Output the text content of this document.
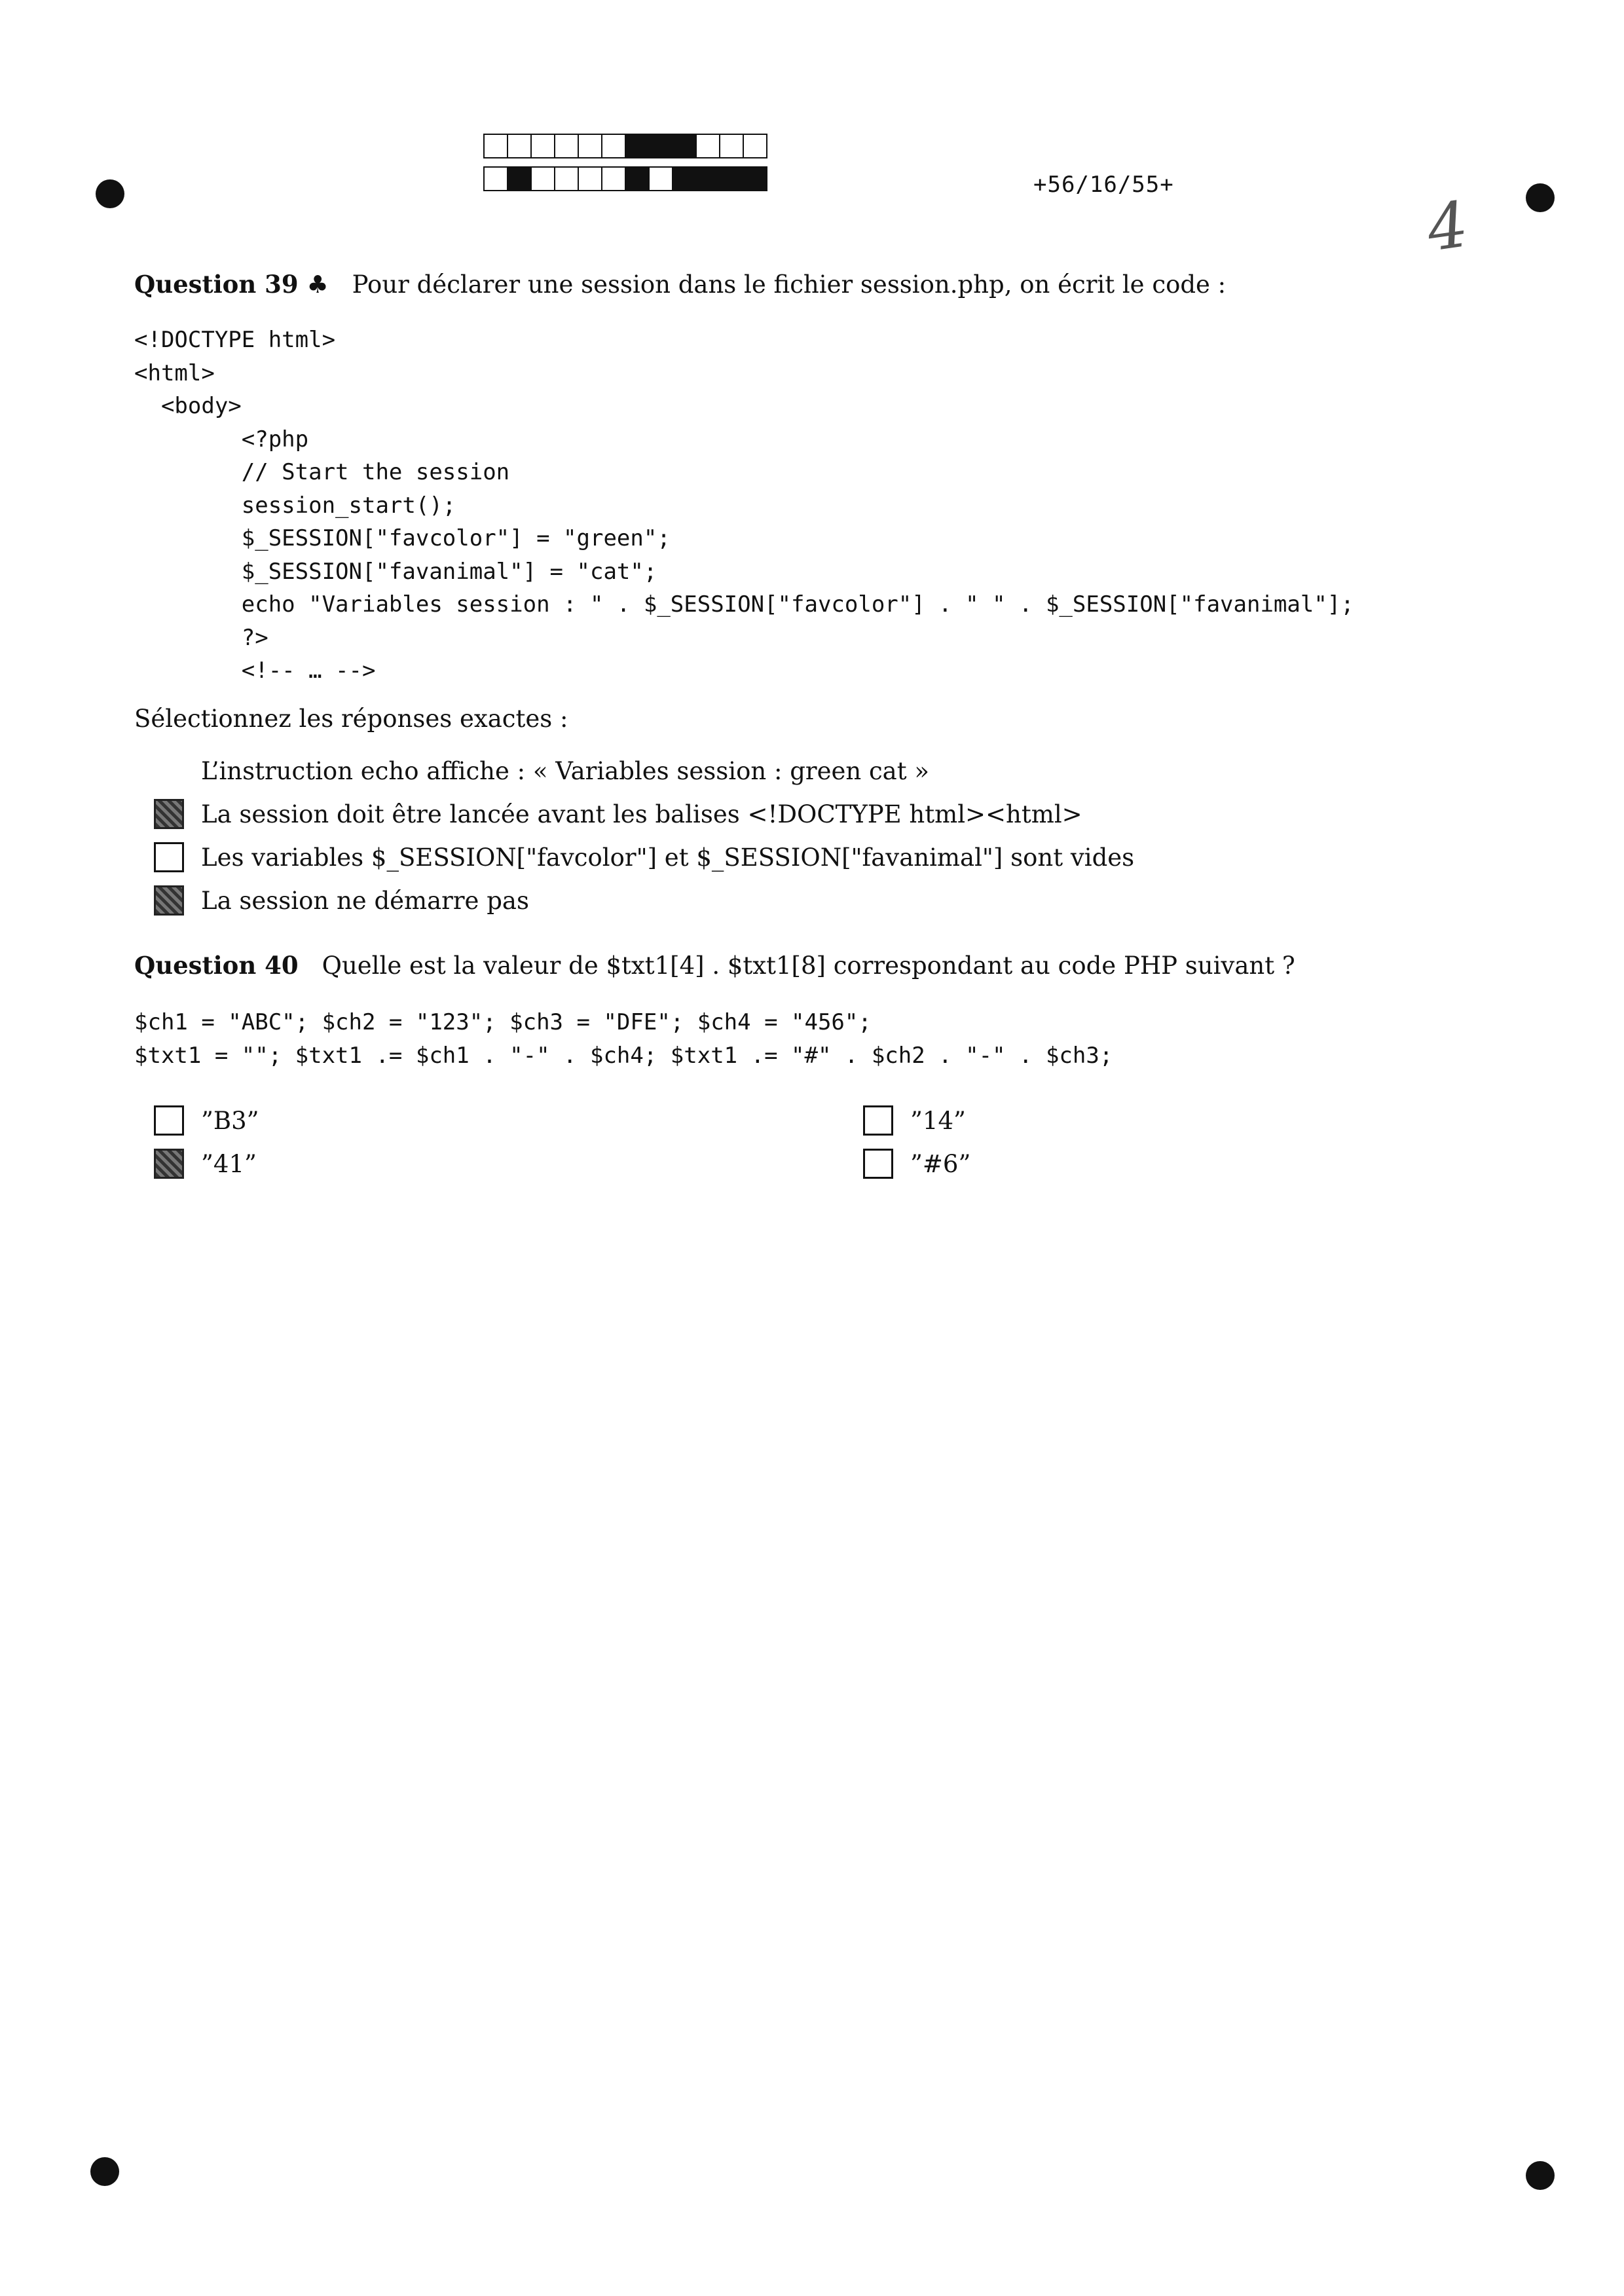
+56/16/55+
4
Question 39 ♣ Pour déclarer une session dans le fichier session.php, on écrit le code :
<!DOCTYPE html>
<html>
<body>
<?php
// Start the session
session_start();
$_SESSION["favcolor"] = "green";
$_SESSION["favanimal"] = "cat";
echo "Variables session : " . $_SESSION["favcolor"] . " " . $_SESSION["favanimal"];
?>
<!-- … -->
Sélectionnez les réponses exactes :
L’instruction echo affiche : « Variables session : green cat »
La session doit être lancée avant les balises <!DOCTYPE html><html>
Les variables $_SESSION["favcolor"] et $_SESSION["favanimal"] sont vides
La session ne démarre pas
Question 40 Quelle est la valeur de $txt1[4] . $txt1[8] correspondant au code PHP suivant ?
$ch1 = "ABC"; $ch2 = "123"; $ch3 = "DFE"; $ch4 = "456";
$txt1 = ""; $txt1 .= $ch1 . "-" . $ch4; $txt1 .= "#" . $ch2 . "-" . $ch3;
”B3”
”41”
”14”
”#6”
